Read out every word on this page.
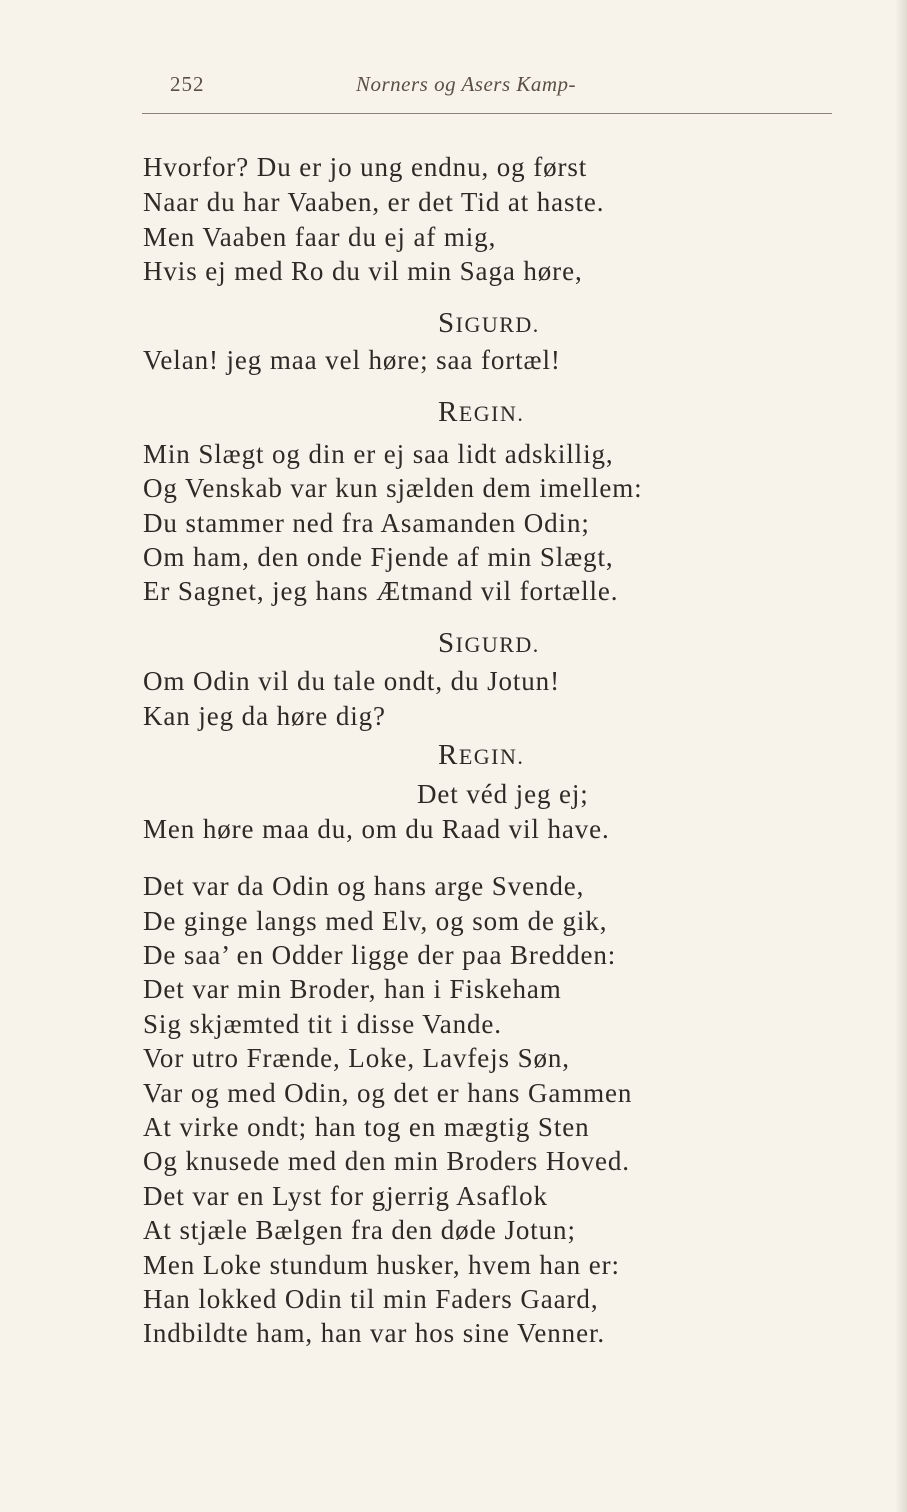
252	Norners og Asers Kamp-
Hvorfor? Du er jo ung endnu, og først
Naar du har Vaaben, er det Tid at haste.
Men Vaaben faar du ej af mig,
Hvis ej med Ro du vil min Saga høre,
SIGURD.
Velan! jeg maa vel høre; saa fortæl!
REGIN.
Min Slægt og din er ej saa lidt adskillig,
Og Venskab var kun sjælden dem imellem:
Du stammer ned fra Asamanden Odin;
Om ham, den onde Fjende af min Slægt,
Er Sagnet, jeg hans Ætmand vil fortælle.
SIGURD.
Om Odin vil du tale ondt, du Jotun!
Kan jeg da høre dig?
REGIN.
Det véd jeg ej;
Men høre maa du, om du Raad vil have.
Det var da Odin og hans arge Svende,
De ginge langs med Elv, og som de gik,
De saa’ en Odder ligge der paa Bredden:
Det var min Broder, han i Fiskeham
Sig skjæmted tit i disse Vande.
Vor utro Frænde, Loke, Lavfejs Søn,
Var og med Odin, og det er hans Gammen
At virke ondt; han tog en mægtig Sten
Og knusede med den min Broders Hoved.
Det var en Lyst for gjerrig Asaflok
At stjæle Bælgen fra den døde Jotun;
Men Loke stundum husker, hvem han er:
Han lokked Odin til min Faders Gaard,
Indbildte ham, han var hos sine Venner.
